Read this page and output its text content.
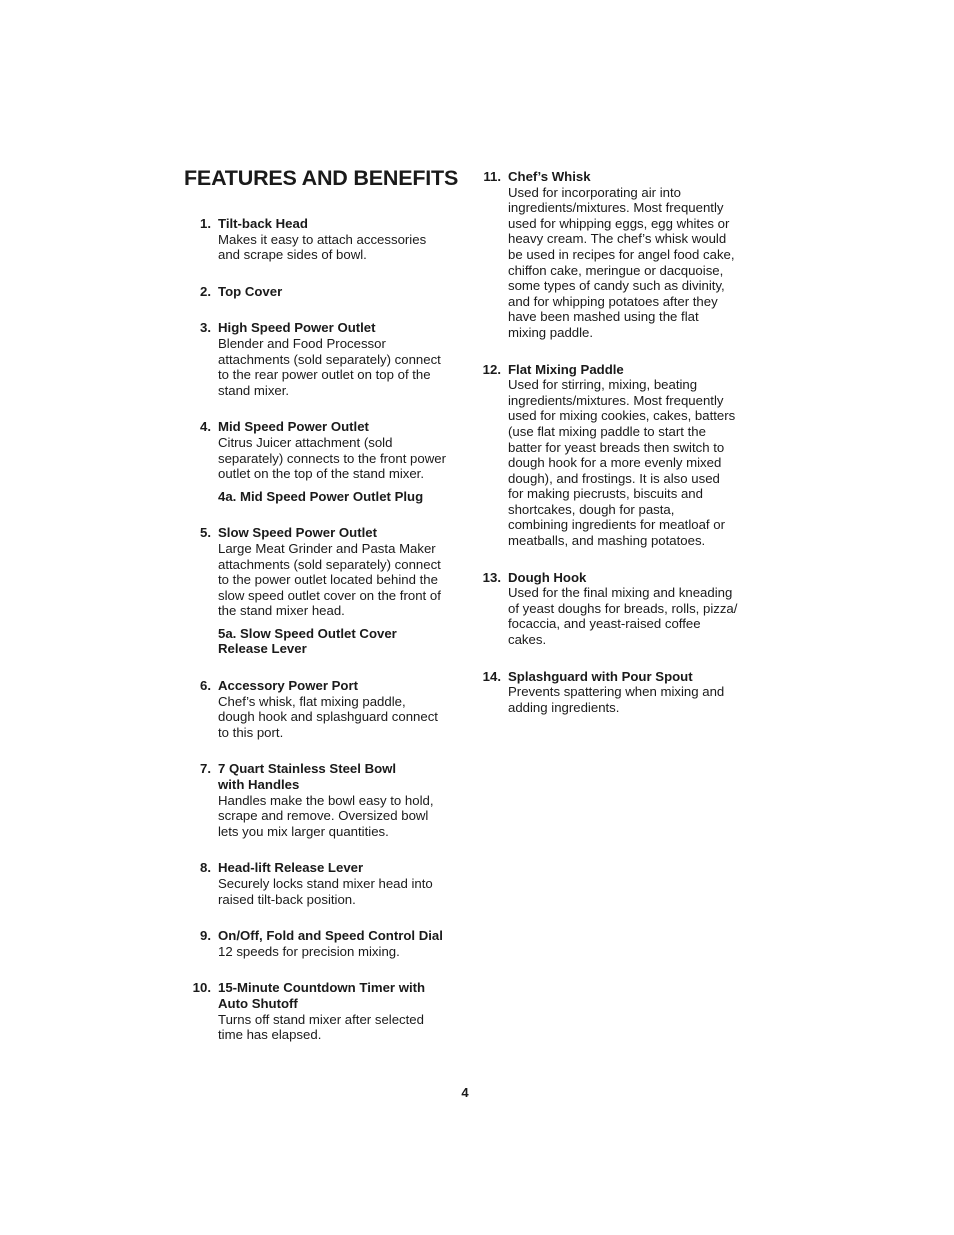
FEATURES AND BENEFITS
1. Tilt-back Head
Makes it easy to attach accessories
and scrape sides of bowl.
2. Top Cover
3. High Speed Power Outlet
Blender and Food Processor
attachments (sold separately) connect
to the rear power outlet on top of the
stand mixer.
4. Mid Speed Power Outlet
Citrus Juicer attachment (sold
separately) connects to the front power
outlet on the top of the stand mixer.
4a. Mid Speed Power Outlet Plug
5. Slow Speed Power Outlet
Large Meat Grinder and Pasta Maker
attachments (sold separately) connect
to the power outlet located behind the
slow speed outlet cover on the front of
the stand mixer head.
5a. Slow Speed Outlet Cover
Release Lever
6. Accessory Power Port
Chef’s whisk, flat mixing paddle,
dough hook and splashguard connect
to this port.
7. 7 Quart Stainless Steel Bowl
with Handles
Handles make the bowl easy to hold,
scrape and remove. Oversized bowl
lets you mix larger quantities.
8. Head-lift Release Lever
Securely locks stand mixer head into
raised tilt-back position.
9. On/Off, Fold and Speed Control Dial
12 speeds for precision mixing.
10. 15-Minute Countdown Timer with
Auto Shutoff
Turns off stand mixer after selected
time has elapsed.
11. Chef’s Whisk
Used for incorporating air into
ingredients/mixtures. Most frequently
used for whipping eggs, egg whites or
heavy cream. The chef’s whisk would
be used in recipes for angel food cake,
chiffon cake, meringue or dacquoise,
some types of candy such as divinity,
and for whipping potatoes after they
have been mashed using the flat
mixing paddle.
12. Flat Mixing Paddle
Used for stirring, mixing, beating
ingredients/mixtures. Most frequently
used for mixing cookies, cakes, batters
(use flat mixing paddle to start the
batter for yeast breads then switch to
dough hook for a more evenly mixed
dough), and frostings. It is also used
for making piecrusts, biscuits and
shortcakes, dough for pasta,
combining ingredients for meatloaf or
meatballs, and mashing potatoes.
13. Dough Hook
Used for the final mixing and kneading
of yeast doughs for breads, rolls, pizza/
focaccia, and yeast-raised coffee
cakes.
14. Splashguard with Pour Spout
Prevents spattering when mixing and
adding ingredients.
4
